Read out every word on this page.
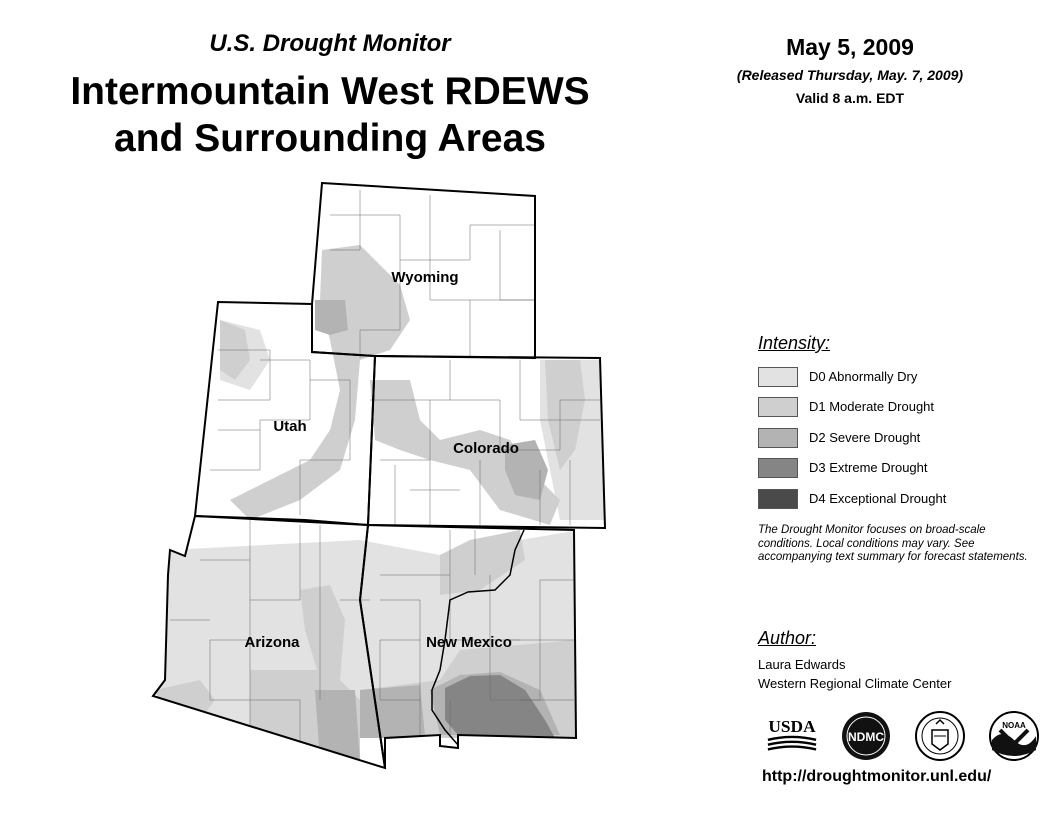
U.S. Drought Monitor
Intermountain West RDEWS
and Surrounding Areas
May 5, 2009
(Released Thursday, May. 7, 2009)
Valid 8 a.m. EDT
Wyoming
Utah
Colorado
Arizona	New Mexico
Intensity:
D0 Abnormally Dry
D1 Moderate Drought
D2 Severe Drought
D3 Extreme Drought
D4 Exceptional Drought
The Drought Monitor focuses on broad-scale conditions. Local conditions may vary. See accompanying text summary for forecast statements.
Author:
Laura Edwards
Western Regional Climate Center
USDA
NDMC
NOAA
http://droughtmonitor.unl.edu/
